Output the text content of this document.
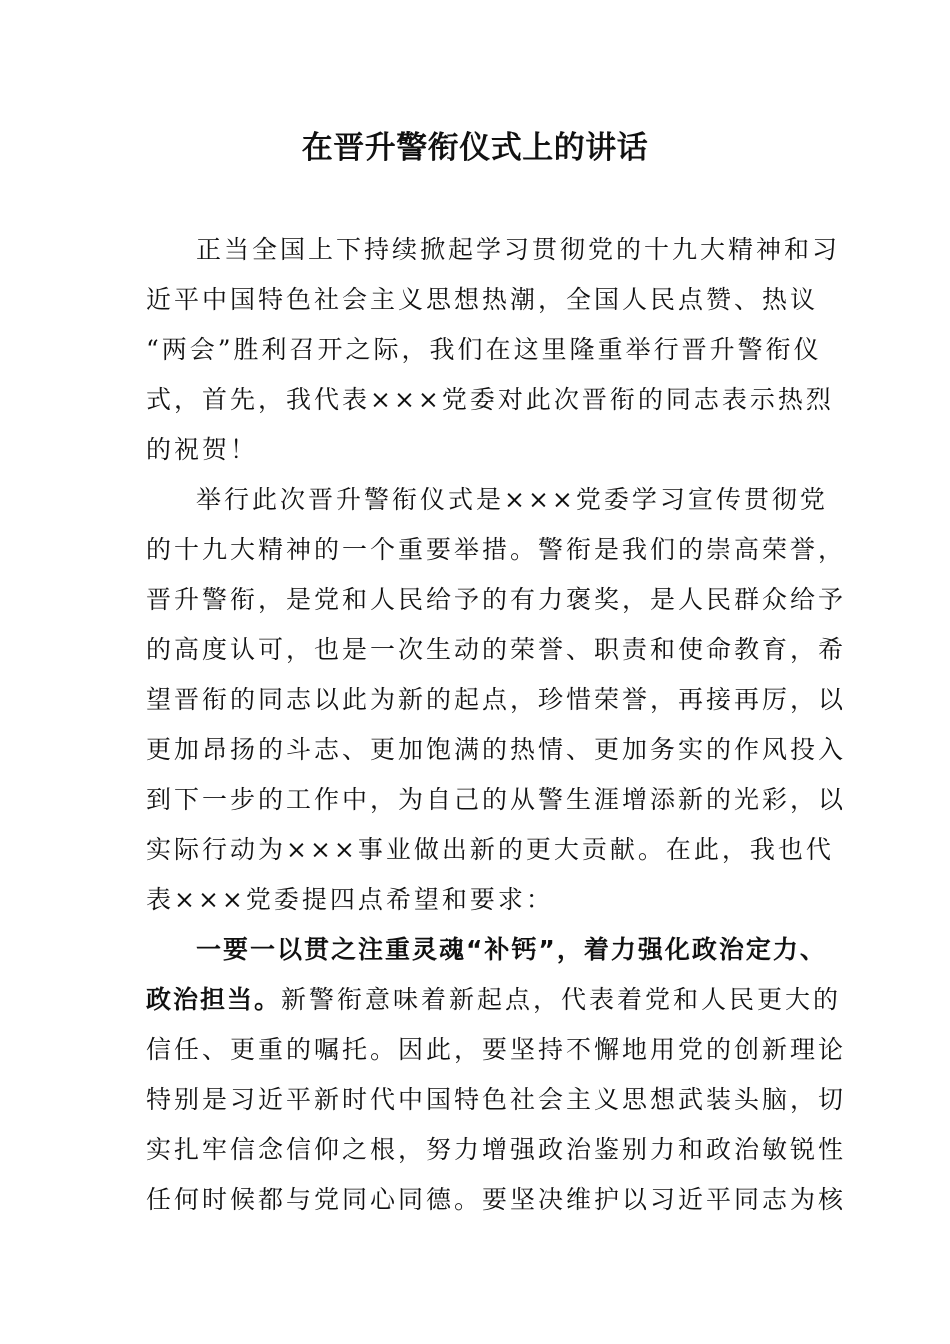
在晋升警衔仪式上的讲话
正当全国上下持续掀起学习贯彻党的十九大精神和习
近平中国特色社会主义思想热潮，全国人民点赞、热议
“两会”胜利召开之际，我们在这里隆重举行晋升警衔仪
式，首先，我代表×××党委对此次晋衔的同志表示热烈
的祝贺！
举行此次晋升警衔仪式是×××党委学习宣传贯彻党
的十九大精神的一个重要举措。警衔是我们的崇高荣誉，
晋升警衔，是党和人民给予的有力褒奖，是人民群众给予
的高度认可，也是一次生动的荣誉、职责和使命教育，希
望晋衔的同志以此为新的起点，珍惜荣誉，再接再厉，以
更加昂扬的斗志、更加饱满的热情、更加务实的作风投入
到下一步的工作中，为自己的从警生涯增添新的光彩，以
实际行动为×××事业做出新的更大贡献。在此，我也代
表×××党委提四点希望和要求：
一要一以贯之注重灵魂“补钙”，着力强化政治定力、
政治担当。新警衔意味着新起点，代表着党和人民更大的
信任、更重的嘱托。因此，要坚持不懈地用党的创新理论
特别是习近平新时代中国特色社会主义思想武装头脑，切
实扎牢信念信仰之根，努力增强政治鉴别力和政治敏锐性
任何时候都与党同心同德。要坚决维护以习近平同志为核
